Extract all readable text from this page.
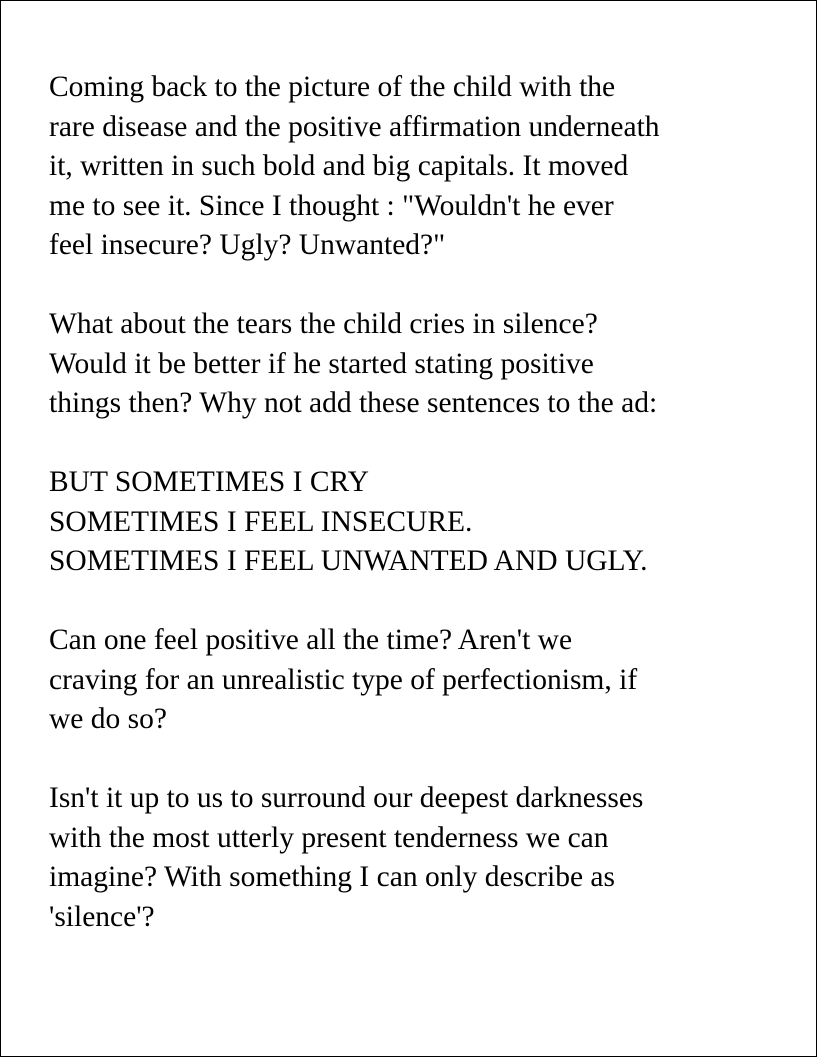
Coming back to the picture of the child with the
rare disease and the positive affirmation underneath
it, written in such bold and big capitals. It moved
me to see it. Since I thought : "Wouldn't he ever
feel insecure? Ugly? Unwanted?"

What about the tears the child cries in silence?
Would it be better if he started stating positive
things then? Why not add these sentences to the ad:

BUT SOMETIMES I CRY
SOMETIMES I FEEL INSECURE.
SOMETIMES I FEEL UNWANTED AND UGLY.

Can one feel positive all the time? Aren't we
craving for an unrealistic type of perfectionism, if
we do so?

Isn't it up to us to surround our deepest darknesses
with the most utterly present tenderness we can
imagine? With something I can only describe as
'silence'?
